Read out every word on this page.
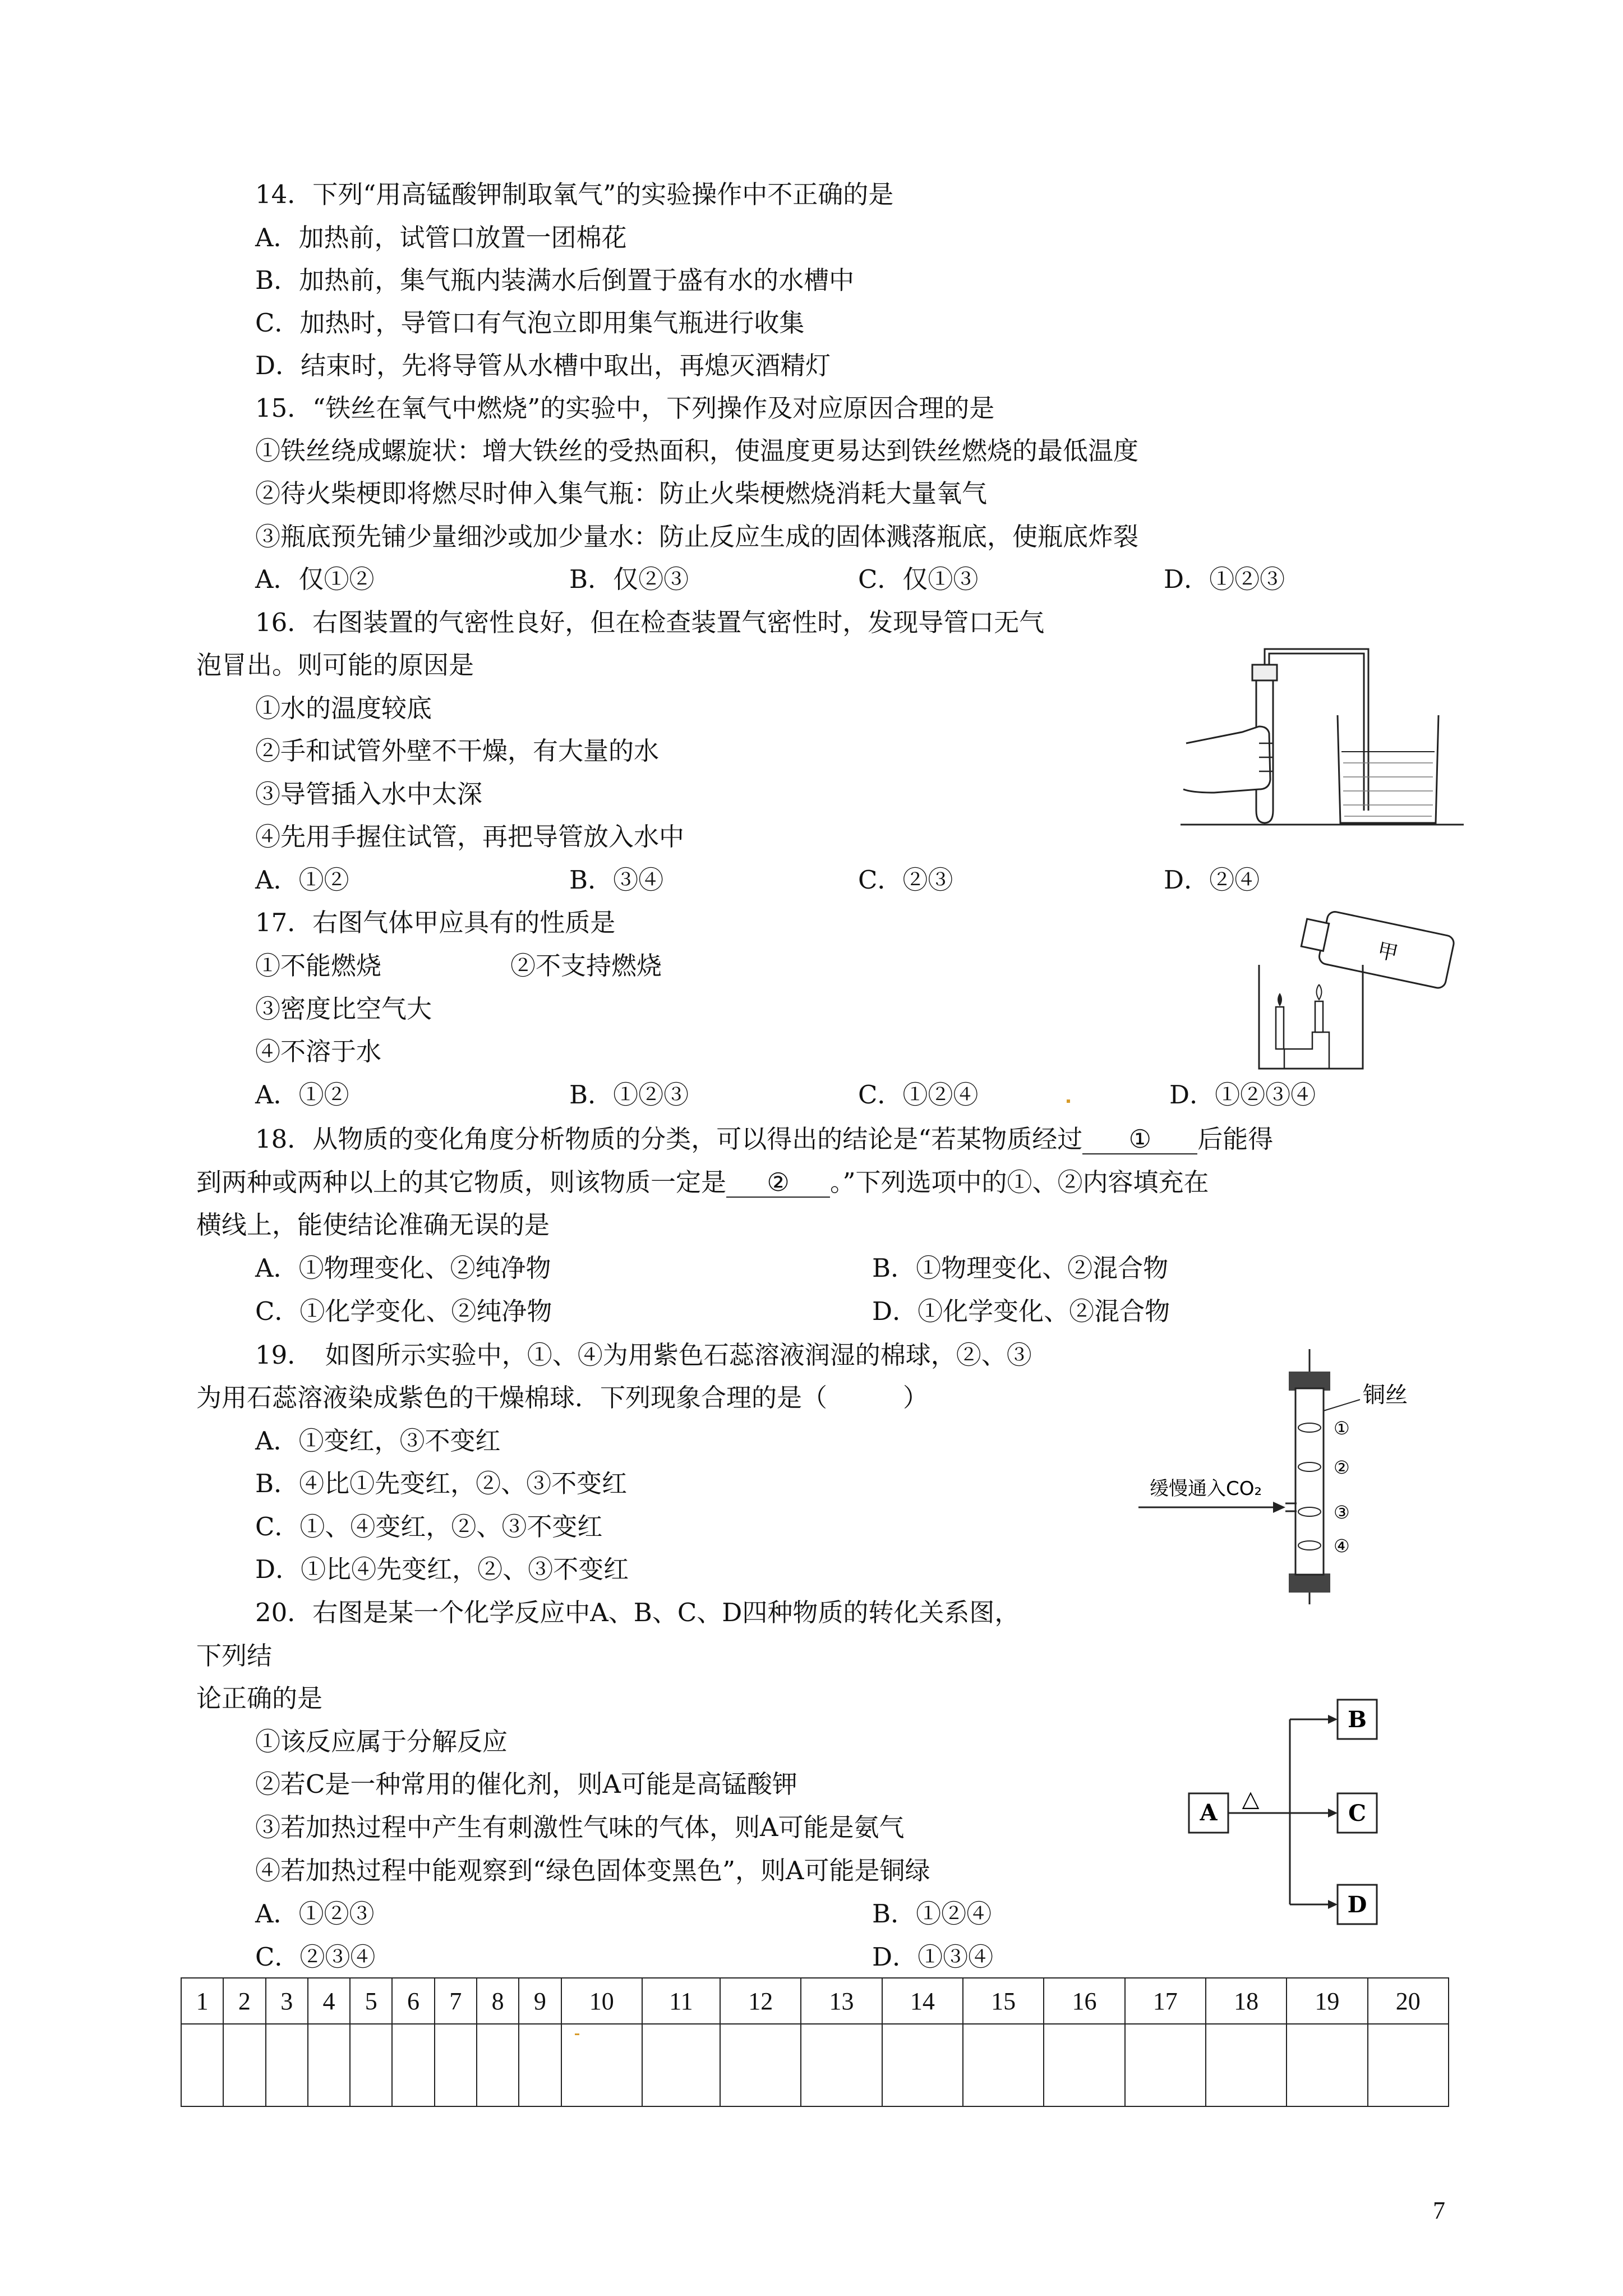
14．下列“用高锰酸钾制取氧气”的实验操作中不正确的是
A．加热前，试管口放置一团棉花
B．加热前，集气瓶内装满水后倒置于盛有水的水槽中
C．加热时，导管口有气泡立即用集气瓶进行收集
D．结束时，先将导管从水槽中取出，再熄灭酒精灯
15．“铁丝在氧气中燃烧”的实验中，下列操作及对应原因合理的是
①铁丝绕成螺旋状：增大铁丝的受热面积，使温度更易达到铁丝燃烧的最低温度
②待火柴梗即将燃尽时伸入集气瓶：防止火柴梗燃烧消耗大量氧气
③瓶底预先铺少量细沙或加少量水：防止反应生成的固体溅落瓶底，使瓶底炸裂
A．仅①②	B．仅②③	C．仅①③	D．①②③
16．右图装置的气密性良好，但在检查装置气密性时，发现导管口无气
泡冒出。则可能的原因是
①水的温度较底
②手和试管外壁不干燥，有大量的水
③导管插入水中太深
④先用手握住试管，再把导管放入水中
A．①②	B．③④	C．②③	D．②④
17．右图气体甲应具有的性质是
①不能燃烧	②不支持燃烧
③密度比空气大
④不溶于水
A．①②	B．①②③	C．①②④	D．①②③④
甲
18．从物质的变化角度分析物质的分类，可以得出的结论是“若某物质经过 ① 后能得
到两种或两种以上的其它物质，则该物质一定是 ② 。”下列选项中的①、②内容填充在
横线上，能使结论准确无误的是
A．①物理变化、②纯净物	B．①物理变化、②混合物
C．①化学变化、②纯净物	D．①化学变化、②混合物
19．　如图所示实验中，①、④为用紫色石蕊溶液润湿的棉球，②、③
为用石蕊溶液染成紫色的干燥棉球．下列现象合理的是（　　　）
A．①变红，③不变红
B．④比①先变红，②、③不变红
C．①、④变红，②、③不变红
D．①比④先变红，②、③不变红
缓慢通入CO₂
①
②
③
④
铜丝
20．右图是某一个化学反应中A、B、C、D四种物质的转化关系图，
下列结
论正确的是
①该反应属于分解反应
②若C是一种常用的催化剂，则A可能是高锰酸钾
③若加热过程中产生有刺激性气味的气体，则A可能是氨气
④若加热过程中能观察到“绿色固体变黑色”，则A可能是铜绿
A．①②③	B．①②④
C．②③④	D．①③④
A
△
B
C
D
1	2	3	4	5	6	7	8	9	10	11	12	13	14	15	16	17	18	19	20

7
